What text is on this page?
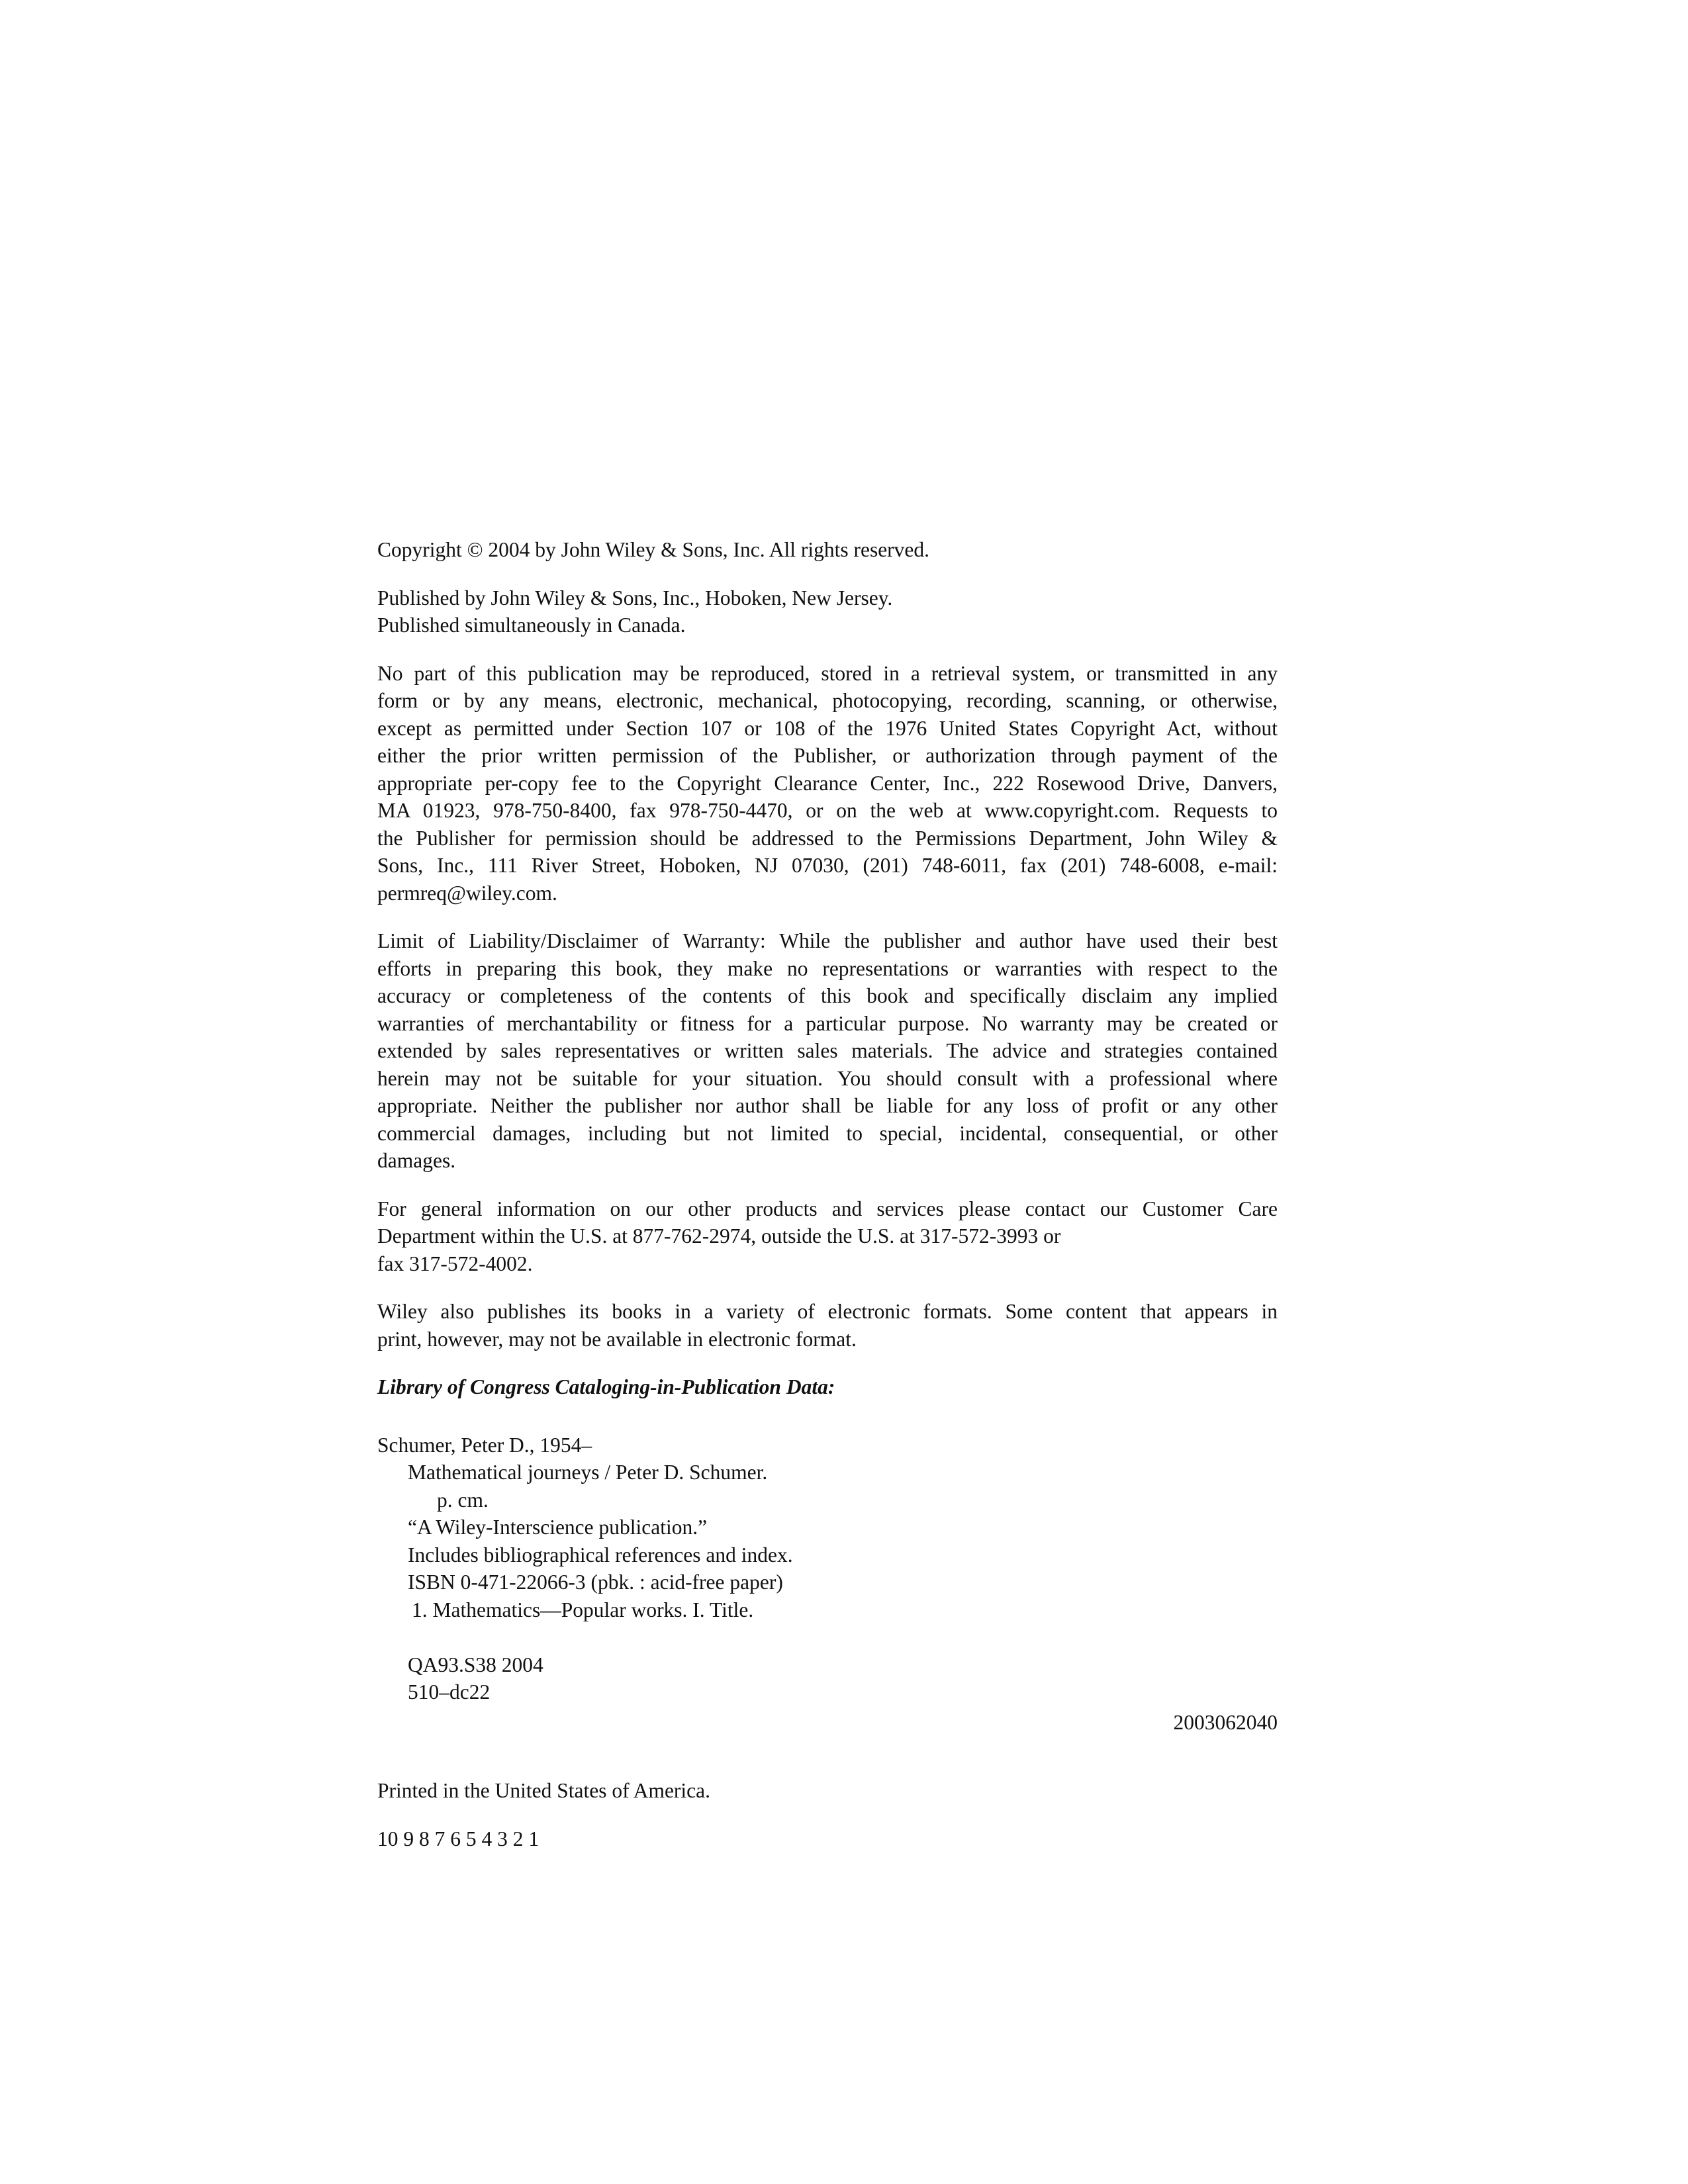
Copyright © 2004 by John Wiley & Sons, Inc. All rights reserved.

Published by John Wiley & Sons, Inc., Hoboken, New Jersey.
Published simultaneously in Canada.

No part of this publication may be reproduced, stored in a retrieval system, or transmitted in any
form or by any means, electronic, mechanical, photocopying, recording, scanning, or otherwise,
except as permitted under Section 107 or 108 of the 1976 United States Copyright Act, without
either the prior written permission of the Publisher, or authorization through payment of the
appropriate per-copy fee to the Copyright Clearance Center, Inc., 222 Rosewood Drive, Danvers,
MA 01923, 978-750-8400, fax 978-750-4470, or on the web at www.copyright.com. Requests to
the Publisher for permission should be addressed to the Permissions Department, John Wiley &
Sons, Inc., 111 River Street, Hoboken, NJ 07030, (201) 748-6011, fax (201) 748-6008, e-mail:
permreq@wiley.com.

Limit of Liability/Disclaimer of Warranty: While the publisher and author have used their best
efforts in preparing this book, they make no representations or warranties with respect to the
accuracy or completeness of the contents of this book and specifically disclaim any implied
warranties of merchantability or fitness for a particular purpose. No warranty may be created or
extended by sales representatives or written sales materials. The advice and strategies contained
herein may not be suitable for your situation. You should consult with a professional where
appropriate. Neither the publisher nor author shall be liable for any loss of profit or any other
commercial damages, including but not limited to special, incidental, consequential, or other
damages.

For general information on our other products and services please contact our Customer Care
Department within the U.S. at 877-762-2974, outside the U.S. at 317-572-3993 or
fax 317-572-4002.

Wiley also publishes its books in a variety of electronic formats. Some content that appears in
print, however, may not be available in electronic format.

Library of Congress Cataloging-in-Publication Data:

Schumer, Peter D., 1954–
Mathematical journeys / Peter D. Schumer.
p. cm.
“A Wiley-Interscience publication.”
Includes bibliographical references and index.
ISBN 0-471-22066-3 (pbk. : acid-free paper)
1. Mathematics—Popular works. I. Title.
QA93.S38 2004
510–dc22
2003062040

Printed in the United States of America.

10 9 8 7 6 5 4 3 2 1
